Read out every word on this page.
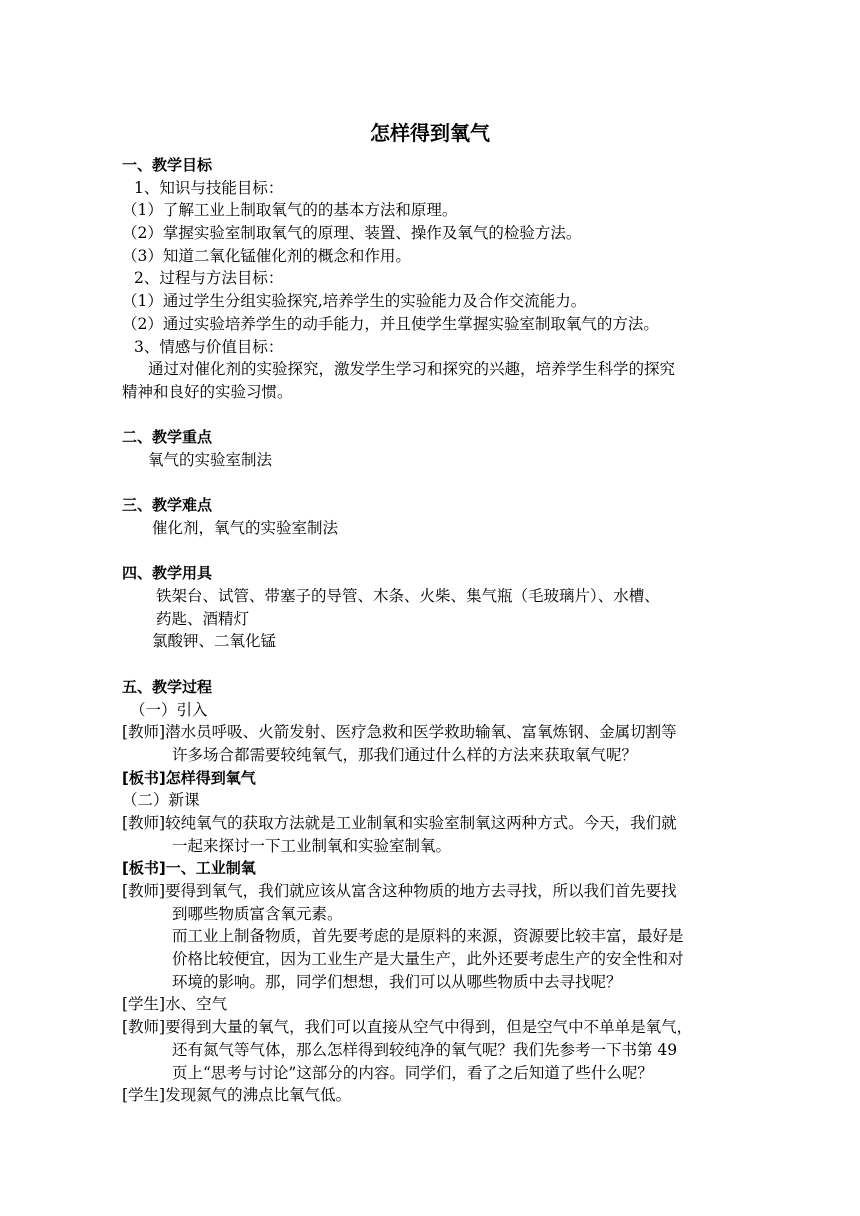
怎样得到氧气
一、教学目标
1、知识与技能目标：
（1）了解工业上制取氧气的的基本方法和原理。
（2）掌握实验室制取氧气的原理、装置、操作及氧气的检验方法。
（3）知道二氧化锰催化剂的概念和作用。
2、过程与方法目标：
（1）通过学生分组实验探究,培养学生的实验能力及合作交流能力。
（2）通过实验培养学生的动手能力，并且使学生掌握实验室制取氧气的方法。
3、情感与价值目标：
通过对催化剂的实验探究，激发学生学习和探究的兴趣，培养学生科学的探究
精神和良好的实验习惯。
二、教学重点
氧气的实验室制法
三、教学难点
催化剂，氧气的实验室制法
四、教学用具
铁架台、试管、带塞子的导管、木条、火柴、集气瓶（毛玻璃片）、水槽、
药匙、酒精灯
氯酸钾、二氧化锰
五、教学过程
（一）引入
[教师]潜水员呼吸、火箭发射、医疗急救和医学救助输氧、富氧炼钢、金属切割等
许多场合都需要较纯氧气，那我们通过什么样的方法来获取氧气呢？
[板书]怎样得到氧气
（二）新课
[教师]较纯氧气的获取方法就是工业制氧和实验室制氧这两种方式。今天，我们就
一起来探讨一下工业制氧和实验室制氧。
[板书]一、工业制氧
[教师]要得到氧气，我们就应该从富含这种物质的地方去寻找，所以我们首先要找
到哪些物质富含氧元素。
而工业上制备物质，首先要考虑的是原料的来源，资源要比较丰富，最好是
价格比较便宜，因为工业生产是大量生产，此外还要考虑生产的安全性和对
环境的影响。那，同学们想想，我们可以从哪些物质中去寻找呢？
[学生]水、空气
[教师]要得到大量的氧气，我们可以直接从空气中得到，但是空气中不单单是氧气，
还有氮气等气体，那么怎样得到较纯净的氧气呢？我们先参考一下书第 49
页上“思考与讨论”这部分的内容。同学们，看了之后知道了些什么呢？
[学生]发现氮气的沸点比氧气低。
